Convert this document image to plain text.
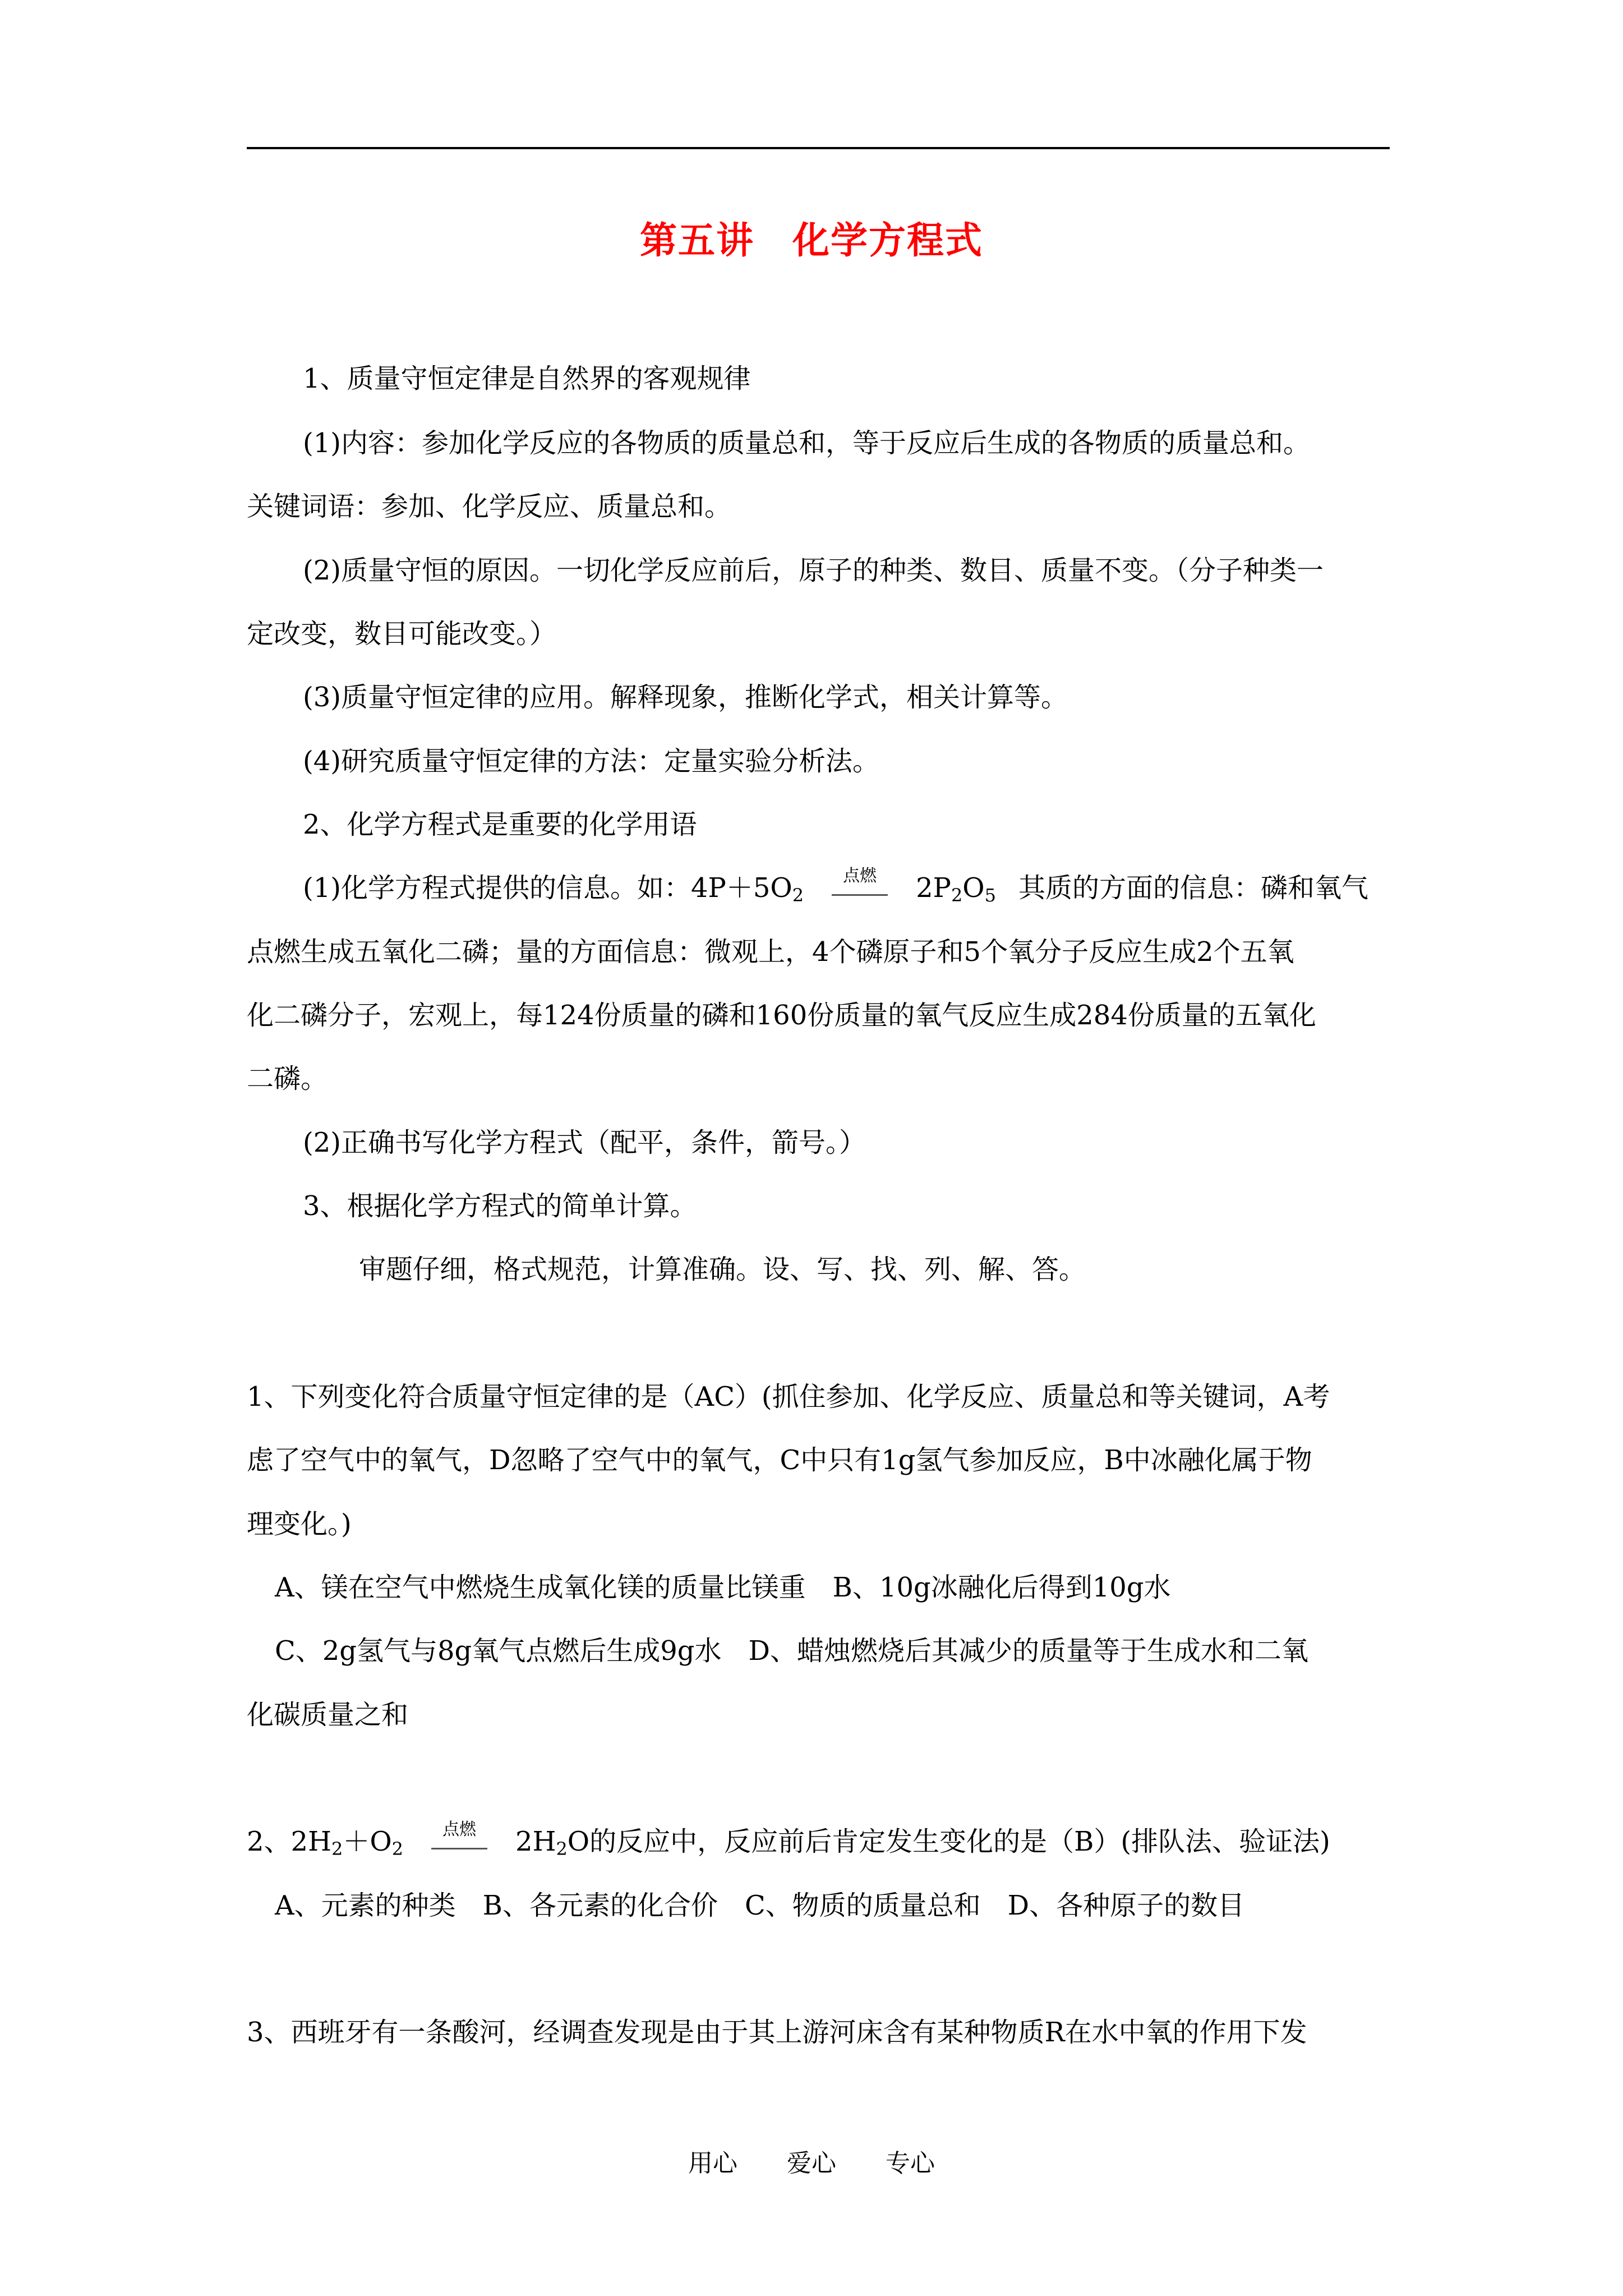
第五讲　化学方程式
1、质量守恒定律是自然界的客观规律
(1)内容：参加化学反应的各物质的质量总和，等于反应后生成的各物质的质量总和。
关键词语：参加、化学反应、质量总和。
(2)质量守恒的原因。一切化学反应前后，原子的种类、数目、质量不变。（分子种类一
定改变，数目可能改变。）
(3)质量守恒定律的应用。解释现象，推断化学式，相关计算等。
(4)研究质量守恒定律的方法：定量实验分析法。
2、化学方程式是重要的化学用语
(1)化学方程式提供的信息。如：$4P+5O_2$点燃 $2P_2O_5$ 其质的方面的信息：磷和氧气
点燃生成五氧化二磷；量的方面信息：微观上，4个磷原子和5个氧分子反应生成2个五氧
化二磷分子，宏观上，每124份质量的磷和160份质量的氧气反应生成284份质量的五氧化
二磷。
(2)正确书写化学方程式（配平，条件，箭号。）
3、根据化学方程式的简单计算。
审题仔细，格式规范，计算准确。设、写、找、列、解、答。
1、下列变化符合质量守恒定律的是（AC）(抓住参加、化学反应、质量总和等关键词，A考
虑了空气中的氧气，D忽略了空气中的氧气，C中只有1g氢气参加反应，B中冰融化属于物
理变化。)
A、镁在空气中燃烧生成氧化镁的质量比镁重　B、10g冰融化后得到10g水
C、2g氢气与8g氧气点燃后生成9g水　D、蜡烛燃烧后其减少的质量等于生成水和二氧
化碳质量之和
2、$2H_2+O_2$点燃 $2H_2O$的反应中，反应前后肯定发生变化的是（B）(排队法、验证法)
A、元素的种类　B、各元素的化合价　C、物质的质量总和　D、各种原子的数目
3、西班牙有一条酸河，经调查发现是由于其上游河床含有某种物质R在水中氧的作用下发
用心　　爱心　　专心
